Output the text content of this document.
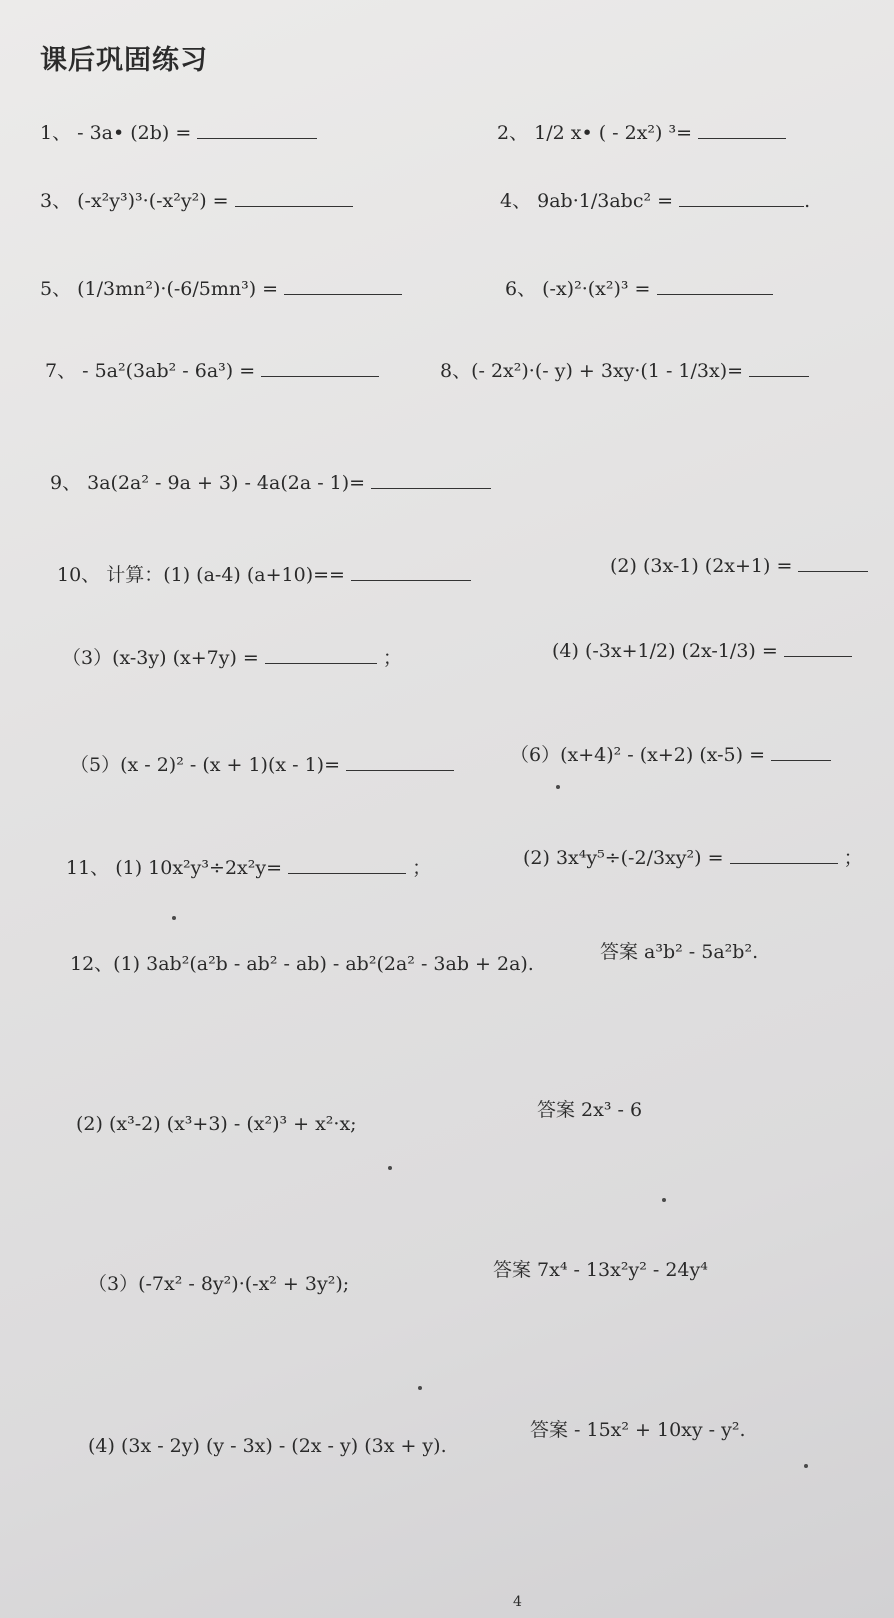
课后巩固练习
1、 - 3a• (2b) =	2、 1/2 x• ( - 2x²) ³=
3、 (-x²y³)³·(-x²y²) =	4、 9ab·1/3abc² =	.
5、 (1/3mn²)·(-6/5mn³) =	6、 (-x)²·(x²)³ =
7、 - 5a²(3ab² - 6a³) =	8、(- 2x²)·(- y) + 3xy·(1 - 1/3x)=
9、 3a(2a² - 9a + 3) - 4a(2a - 1)=
10、 计算：(1) (a-4) (a+10)==	(2) (3x-1) (2x+1) =
（3）(x-3y) (x+7y) =	；	(4) (-3x+1/2) (2x-1/3) =
（5）(x - 2)² - (x + 1)(x - 1)=	（6）(x+4)² - (x+2) (x-5) =
11、 (1) 10x²y³÷2x²y=	；	(2) 3x⁴y⁵÷(-2/3xy²) =	；
12、(1) 3ab²(a²b - ab² - ab) - ab²(2a² - 3ab + 2a).
答案 a³b² - 5a²b².
(2) (x³-2) (x³+3) - (x²)³ + x²·x;
答案 2x³ - 6
（3）(-7x² - 8y²)·(-x² + 3y²);
答案 7x⁴ - 13x²y² - 24y⁴
(4) (3x - 2y) (y - 3x) - (2x - y) (3x + y).
答案 - 15x² + 10xy - y².
4
